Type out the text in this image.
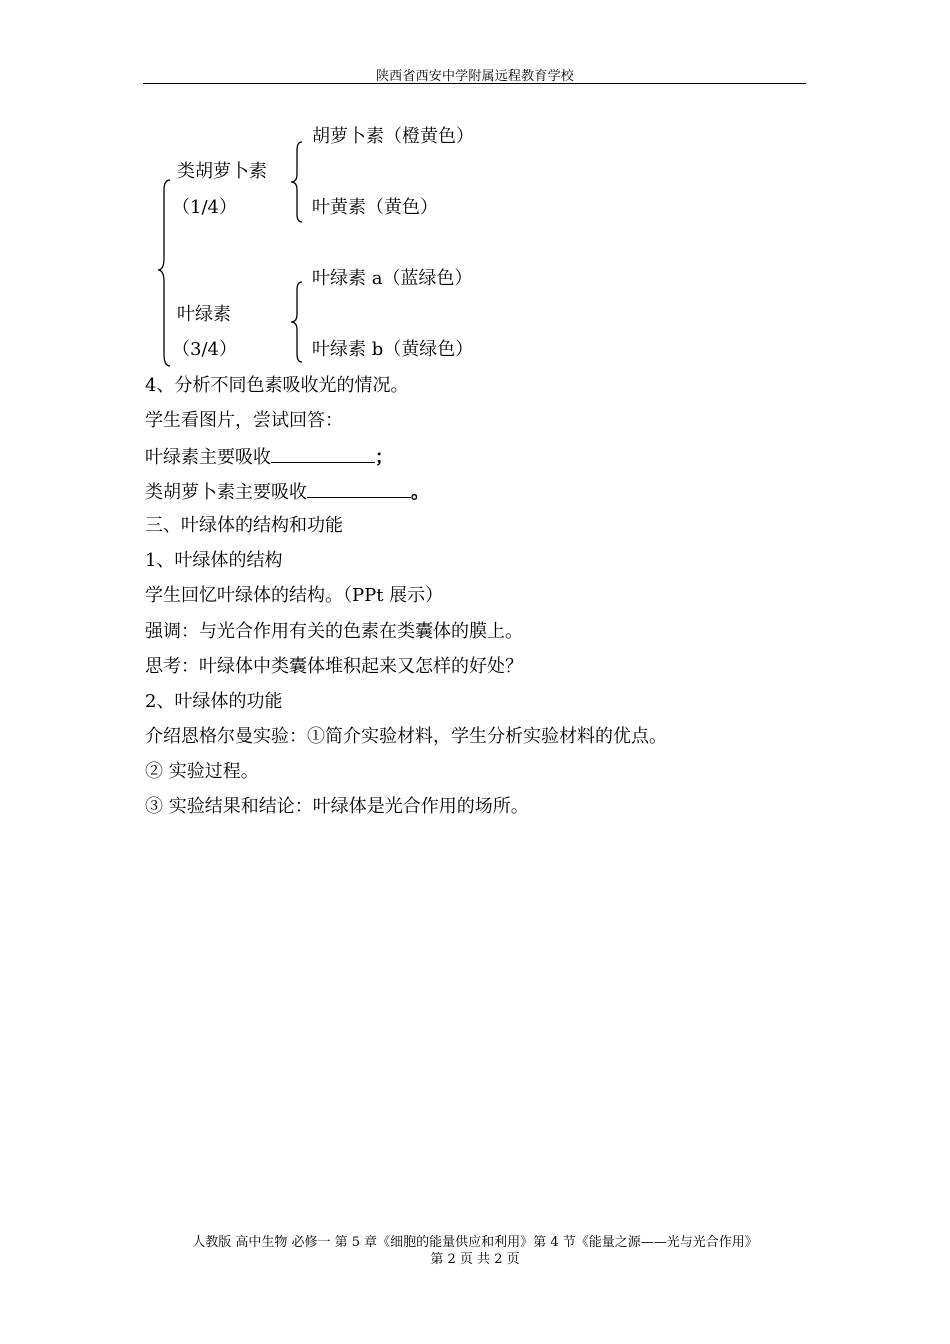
陕西省西安中学附属远程教育学校
类胡萝卜素
（1/4）
胡萝卜素（橙黄色）
叶黄素（黄色）
叶绿素
（3/4）
叶绿素 a（蓝绿色）
叶绿素 b（黄绿色）
4、分析不同色素吸收光的情况。
学生看图片，尝试回答：
叶绿素主要吸收	；
类胡萝卜素主要吸收	。
三、叶绿体的结构和功能
1、叶绿体的结构
学生回忆叶绿体的结构。（PPt 展示）
强调：与光合作用有关的色素在类囊体的膜上。
思考：叶绿体中类囊体堆积起来又怎样的好处？
2、叶绿体的功能
介绍恩格尔曼实验：①简介实验材料，学生分析实验材料的优点。
② 实验过程。
③ 实验结果和结论：叶绿体是光合作用的场所。
人教版 高中生物 必修一 第 5 章《细胞的能量供应和利用》第 4 节《能量之源——光与光合作用》
第 2 页 共 2 页
